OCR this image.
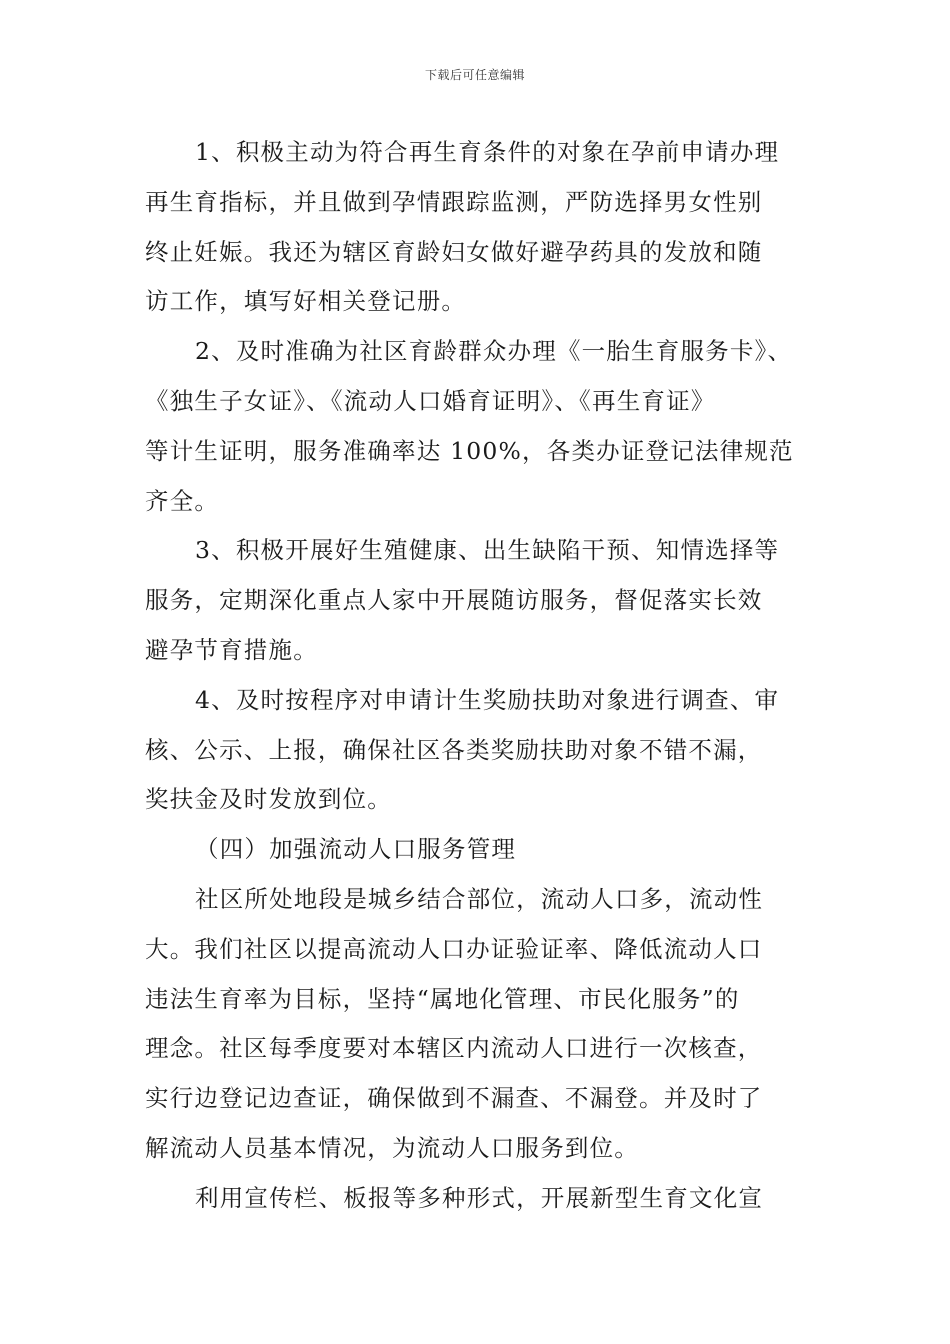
下载后可任意编辑
1、积极主动为符合再生育条件的对象在孕前申请办理
再生育指标，并且做到孕情跟踪监测，严防选择男女性别
终止妊娠。我还为辖区育龄妇女做好避孕药具的发放和随
访工作，填写好相关登记册。
2、及时准确为社区育龄群众办理《一胎生育服务卡》、
《独生子女证》、《流动人口婚育证明》、《再生育证》
等计生证明，服务准确率达 100%，各类办证登记法律规范
齐全。
3、积极开展好生殖健康、出生缺陷干预、知情选择等
服务，定期深化重点人家中开展随访服务，督促落实长效
避孕节育措施。
4、及时按程序对申请计生奖励扶助对象进行调查、审
核、公示、上报，确保社区各类奖励扶助对象不错不漏，
奖扶金及时发放到位。
（四）加强流动人口服务管理
社区所处地段是城乡结合部位，流动人口多，流动性
大。我们社区以提高流动人口办证验证率、降低流动人口
违法生育率为目标，坚持“属地化管理、市民化服务”的
理念。社区每季度要对本辖区内流动人口进行一次核查，
实行边登记边查证，确保做到不漏查、不漏登。并及时了
解流动人员基本情况，为流动人口服务到位。
利用宣传栏、板报等多种形式，开展新型生育文化宣
